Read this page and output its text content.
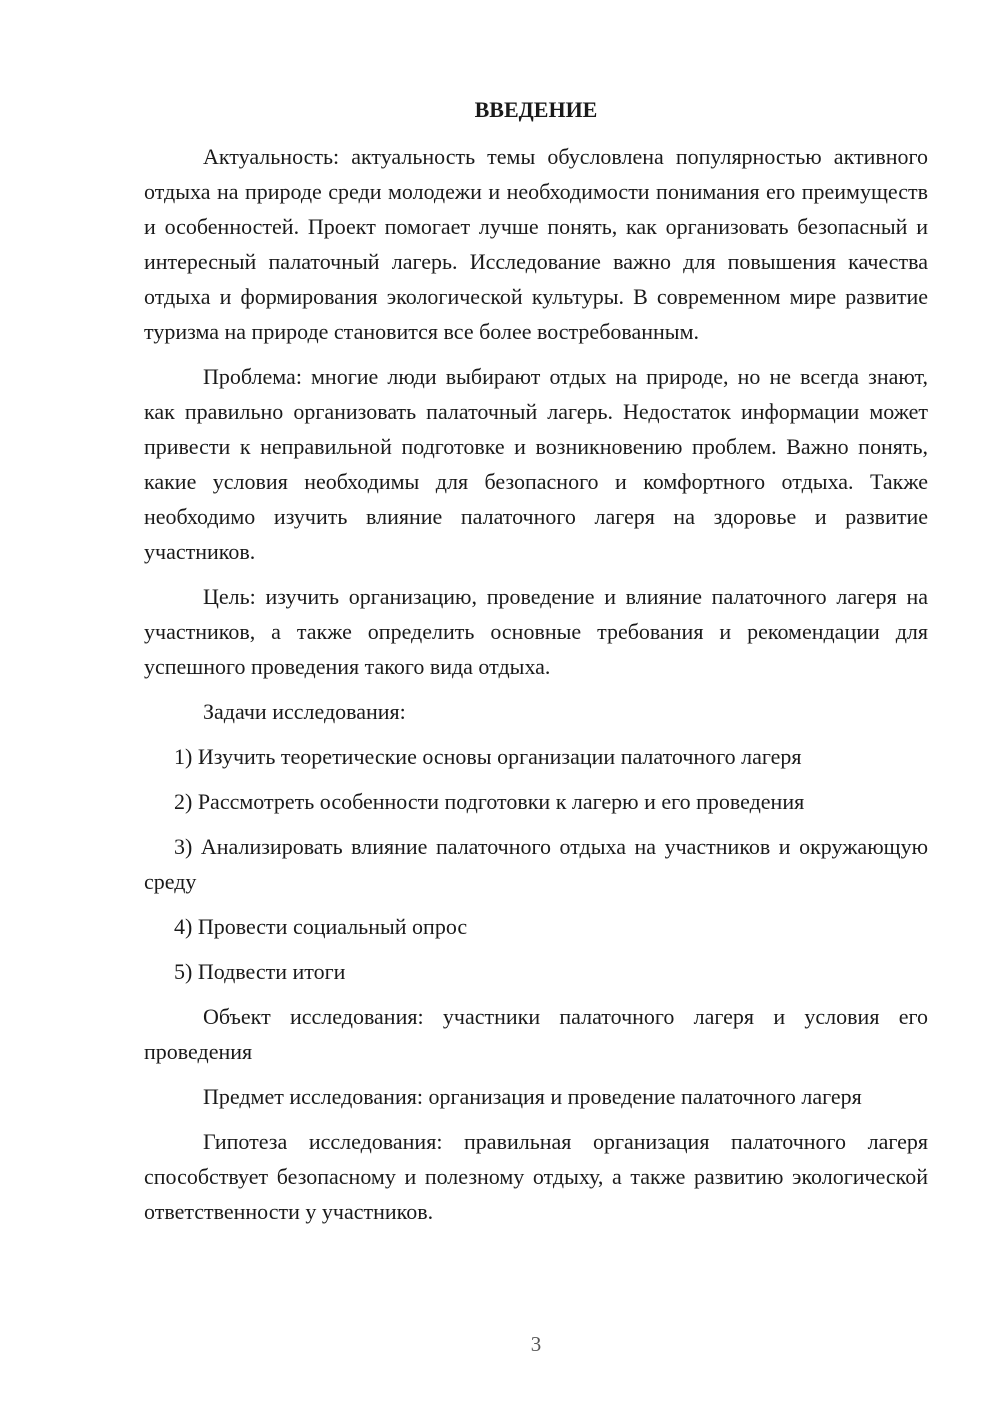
ВВЕДЕНИЕ

Актуальность: актуальность темы обусловлена популярностью активного отдыха на природе среди молодежи и необходимости понимания его преимуществ и особенностей. Проект помогает лучше понять, как организовать безопасный и интересный палаточный лагерь. Исследование важно для повышения качества отдыха и формирования экологической культуры. В современном мире развитие туризма на природе становится все более востребованным.

Проблема: многие люди выбирают отдых на природе, но не всегда знают, как правильно организовать палаточный лагерь. Недостаток информации может привести к неправильной подготовке и возникновению проблем. Важно понять, какие условия необходимы для безопасного и комфортного отдыха. Также необходимо изучить влияние палаточного лагеря на здоровье и развитие участников.

Цель: изучить организацию, проведение и влияние палаточного лагеря на участников, а также определить основные требования и рекомендации для успешного проведения такого вида отдыха.

Задачи исследования:

1) Изучить теоретические основы организации палаточного лагеря

2) Рассмотреть особенности подготовки к лагерю и его проведения

3) Анализировать влияние палаточного отдыха на участников и окружающую среду

4) Провести социальный опрос

5) Подвести итоги

Объект исследования: участники палаточного лагеря и условия его проведения

Предмет исследования: организация и проведение палаточного лагеря

Гипотеза исследования: правильная организация палаточного лагеря способствует безопасному и полезному отдыху, а также развитию экологической ответственности у участников.

3
